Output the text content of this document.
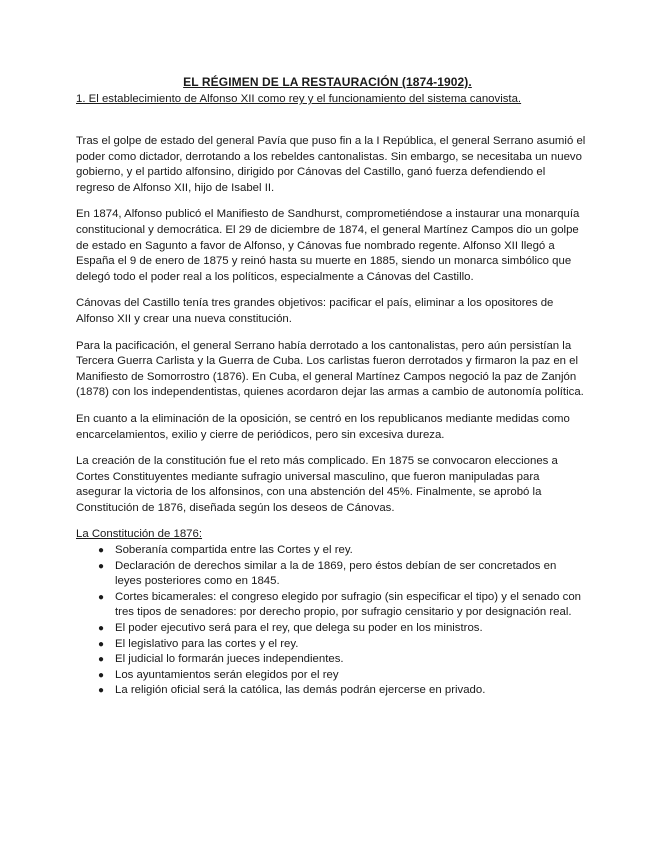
EL RÉGIMEN DE LA RESTAURACIÓN (1874-1902).
1. El establecimiento de Alfonso XII como rey y el funcionamiento del sistema canovista.

Tras el golpe de estado del general Pavía que puso fin a la I República, el general Serrano asumió el poder como dictador, derrotando a los rebeldes cantonalistas. Sin embargo, se necesitaba un nuevo gobierno, y el partido alfonsino, dirigido por Cánovas del Castillo, ganó fuerza defendiendo el regreso de Alfonso XII, hijo de Isabel II.

En 1874, Alfonso publicó el Manifiesto de Sandhurst, comprometiéndose a instaurar una monarquía constitucional y democrática. El 29 de diciembre de 1874, el general Martínez Campos dio un golpe de estado en Sagunto a favor de Alfonso, y Cánovas fue nombrado regente. Alfonso XII llegó a España el 9 de enero de 1875 y reinó hasta su muerte en 1885, siendo un monarca simbólico que delegó todo el poder real a los políticos, especialmente a Cánovas del Castillo.

Cánovas del Castillo tenía tres grandes objetivos: pacificar el país, eliminar a los opositores de Alfonso XII y crear una nueva constitución.

Para la pacificación, el general Serrano había derrotado a los cantonalistas, pero aún persistían la Tercera Guerra Carlista y la Guerra de Cuba. Los carlistas fueron derrotados y firmaron la paz en el Manifiesto de Somorrostro (1876). En Cuba, el general Martínez Campos negoció la paz de Zanjón (1878) con los independentistas, quienes acordaron dejar las armas a cambio de autonomía política.

En cuanto a la eliminación de la oposición, se centró en los republicanos mediante medidas como encarcelamientos, exilio y cierre de periódicos, pero sin excesiva dureza.

La creación de la constitución fue el reto más complicado. En 1875 se convocaron elecciones a Cortes Constituyentes mediante sufragio universal masculino, que fueron manipuladas para asegurar la victoria de los alfonsinos, con una abstención del 45%. Finalmente, se aprobó la Constitución de 1876, diseñada según los deseos de Cánovas.

La Constitución de 1876:
● Soberanía compartida entre las Cortes y el rey.
● Declaración de derechos similar a la de 1869, pero éstos debían de ser concretados en leyes posteriores como en 1845.
● Cortes bicamerales: el congreso elegido por sufragio (sin especificar el tipo) y el senado con tres tipos de senadores: por derecho propio, por sufragio censitario y por designación real.
● El poder ejecutivo será para el rey, que delega su poder en los ministros.
● El legislativo para las cortes y el rey.
● El judicial lo formarán jueces independientes.
● Los ayuntamientos serán elegidos por el rey
● La religión oficial será la católica, las demás podrán ejercerse en privado.
